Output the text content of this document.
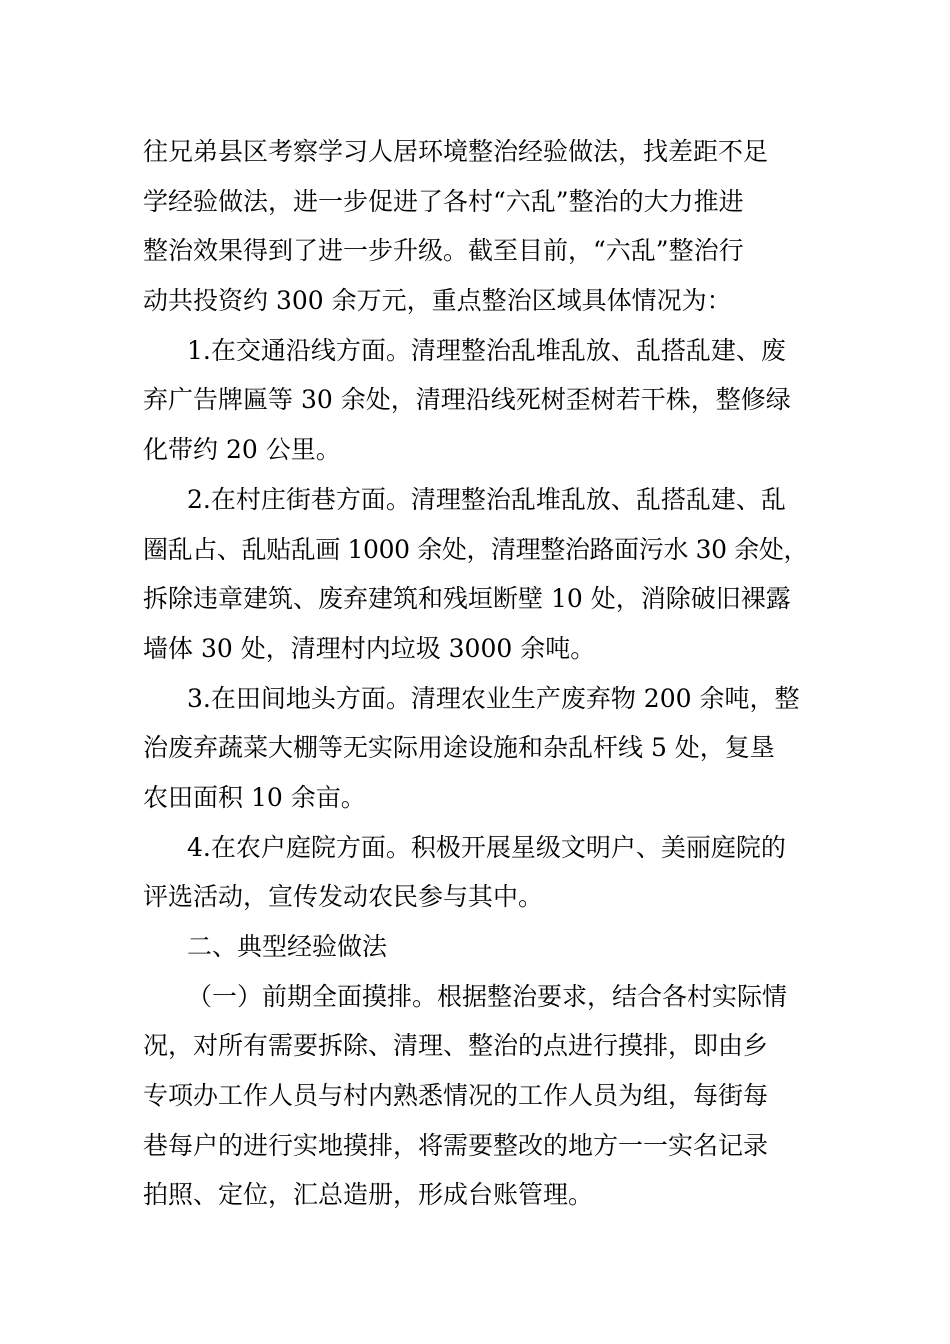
往兄弟县区考察学习人居环境整治经验做法，找差距不足
学经验做法，进一步促进了各村“六乱”整治的大力推进
整治效果得到了进一步升级。截至目前，“六乱”整治行
动共投资约 300 余万元，重点整治区域具体情况为：
1.在交通沿线方面。清理整治乱堆乱放、乱搭乱建、废
弃广告牌匾等 30 余处，清理沿线死树歪树若干株，整修绿
化带约 20 公里。
2.在村庄街巷方面。清理整治乱堆乱放、乱搭乱建、乱
圈乱占、乱贴乱画 1000 余处，清理整治路面污水 30 余处，
拆除违章建筑、废弃建筑和残垣断壁 10 处，消除破旧裸露
墙体 30 处，清理村内垃圾 3000 余吨。
3.在田间地头方面。清理农业生产废弃物 200 余吨，整
治废弃蔬菜大棚等无实际用途设施和杂乱杆线 5 处，复垦
农田面积 10 余亩。
4.在农户庭院方面。积极开展星级文明户、美丽庭院的
评选活动，宣传发动农民参与其中。
二、典型经验做法
（一）前期全面摸排。根据整治要求，结合各村实际情
况，对所有需要拆除、清理、整治的点进行摸排，即由乡
专项办工作人员与村内熟悉情况的工作人员为组，每街每
巷每户的进行实地摸排，将需要整改的地方一一实名记录
拍照、定位，汇总造册，形成台账管理。
